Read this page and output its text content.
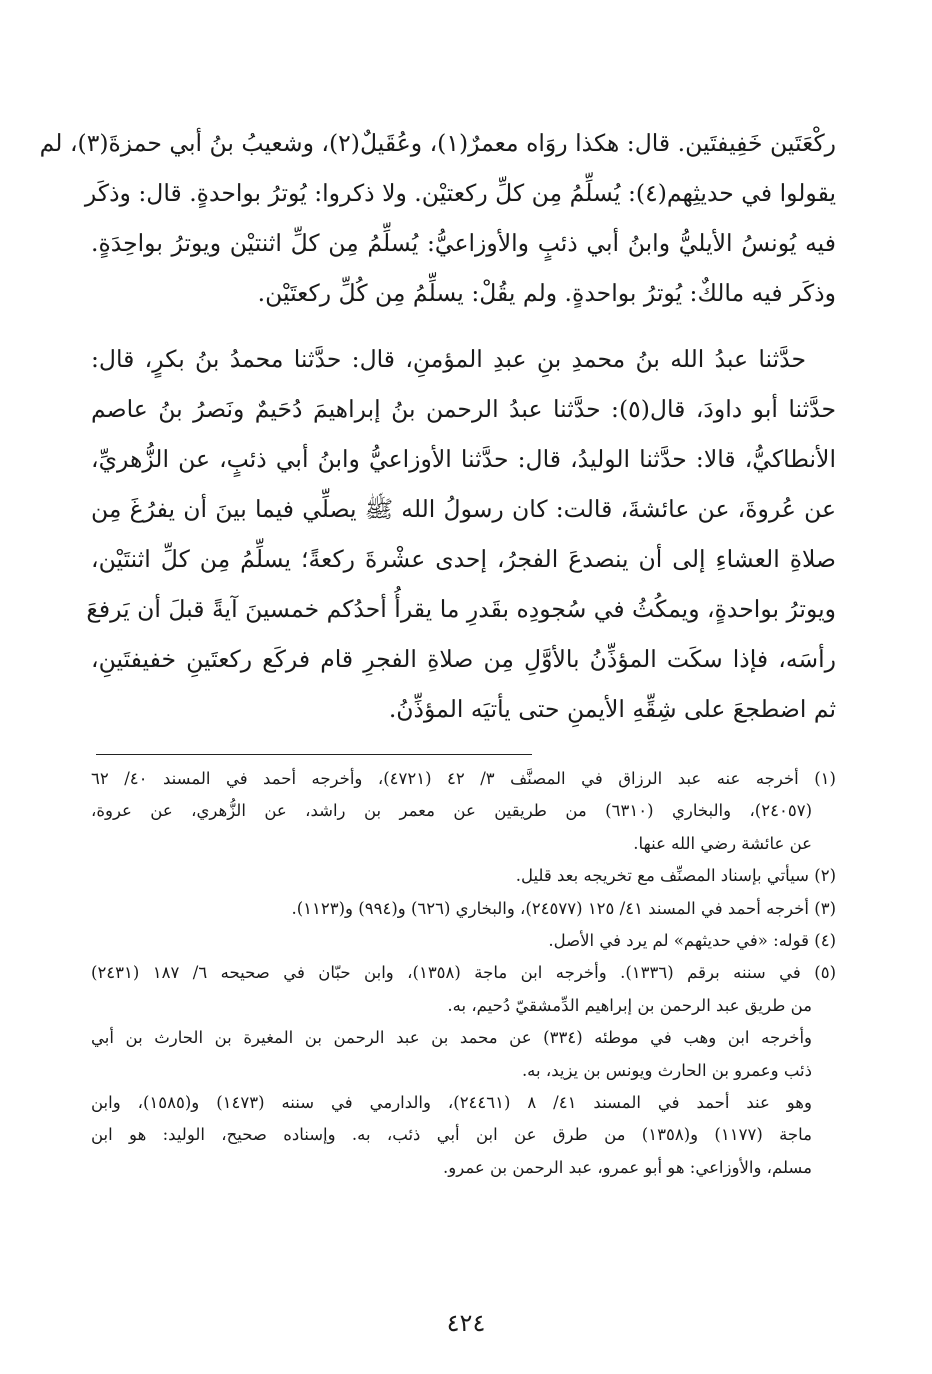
ركْعَتَين خَفِيفتَين. قال: هكذا روَاه معمرٌ(١)، وعُقَيلٌ(٢)، وشعيبُ بنُ أبي حمزةَ(٣)، لم
يقولوا في حديثِهم(٤): يُسلِّمُ مِن كلِّ ركعتيْن. ولا ذكروا: يُوترُ بواحدةٍ. قال: وذكَر
فيه يُونسُ الأيليُّ وابنُ أبي ذئبٍ والأوزاعيُّ: يُسلِّمُ مِن كلِّ اثنتيْن ويوترُ بواحِدَةٍ.
وذكَر فيه مالكٌ: يُوترُ بواحدةٍ. ولم يقُلْ: يسلِّمُ مِن كُلِّ ركعتَيْن.
حدَّثنا عبدُ الله بنُ محمدِ بنِ عبدِ المؤمنِ، قال: حدَّثنا محمدُ بنُ بكرٍ، قال:
حدَّثنا أبو داودَ، قال(٥): حدَّثنا عبدُ الرحمن بنُ إبراهيمَ دُحَيمٌ ونَصرُ بنُ عاصم
الأنطاكيُّ، قالا: حدَّثنا الوليدُ، قال: حدَّثنا الأوزاعيُّ وابنُ أبي ذئبٍ، عن الزُّهريِّ،
عن عُروةَ، عن عائشةَ، قالت: كان رسولُ الله ﷺ يصلِّي فيما بينَ أن يفرُغَ مِن
صلاةِ العشاءِ إلى أن ينصدعَ الفجرُ، إحدى عشْرةَ ركعةً؛ يسلِّمُ مِن كلِّ اثنتَيْن،
ويوترُ بواحدةٍ، ويمكُثُ في سُجودِه بقَدرِ ما يقرأُ أحدُكم خمسينَ آيةً قبلَ أن يَرفعَ
رأسَه، فإذا سكَت المؤذِّنُ بالأوَّلِ مِن صلاةِ الفجرِ قام فركَع ركعتَينِ خفيفتَينِ،
ثم اضطجعَ على شِقِّهِ الأيمنِ حتى يأتيَه المؤذِّنُ.
(١) أخرجه عنه عبد الرزاق في المصنَّف ٣/ ٤٢ (٤٧٢١)، وأخرجه أحمد في المسند ٤٠/ ٦٢
(٢٤٠٥٧)، والبخاري (٦٣١٠) من طريقين عن معمر بن راشد، عن الزُّهري، عن عروة،
عن عائشة رضي الله عنها.
(٢) سيأتي بإسناد المصنِّف مع تخريجه بعد قليل.
(٣) أخرجه أحمد في المسند ٤١/ ١٢٥ (٢٤٥٧٧)، والبخاري (٦٢٦) و(٩٩٤) و(١١٢٣).
(٤) قوله: «في حديثهم» لم يرد في الأصل.
(٥) في سننه برقم (١٣٣٦). وأخرجه ابن ماجة (١٣٥٨)، وابن حبّان في صحيحه ٦/ ١٨٧ (٢٤٣١)
من طريق عبد الرحمن بن إبراهيم الدِّمشقيّ دُحيم، به.
وأخرجه ابن وهب في موطئه (٣٣٤) عن محمد بن عبد الرحمن بن المغيرة بن الحارث بن أبي
ذئب وعمرو بن الحارث ويونس بن يزيد، به.
وهو عند أحمد في المسند ٤١/ ٨ (٢٤٤٦١)، والدارمي في سننه (١٤٧٣) و(١٥٨٥)، وابن
ماجة (١١٧٧) و(١٣٥٨) من طرق عن ابن أبي ذئب، به. وإسناده صحيح، الوليد: هو ابن
مسلم، والأوزاعي: هو أبو عمرو، عبد الرحمن بن عمرو.
٤٢٤
